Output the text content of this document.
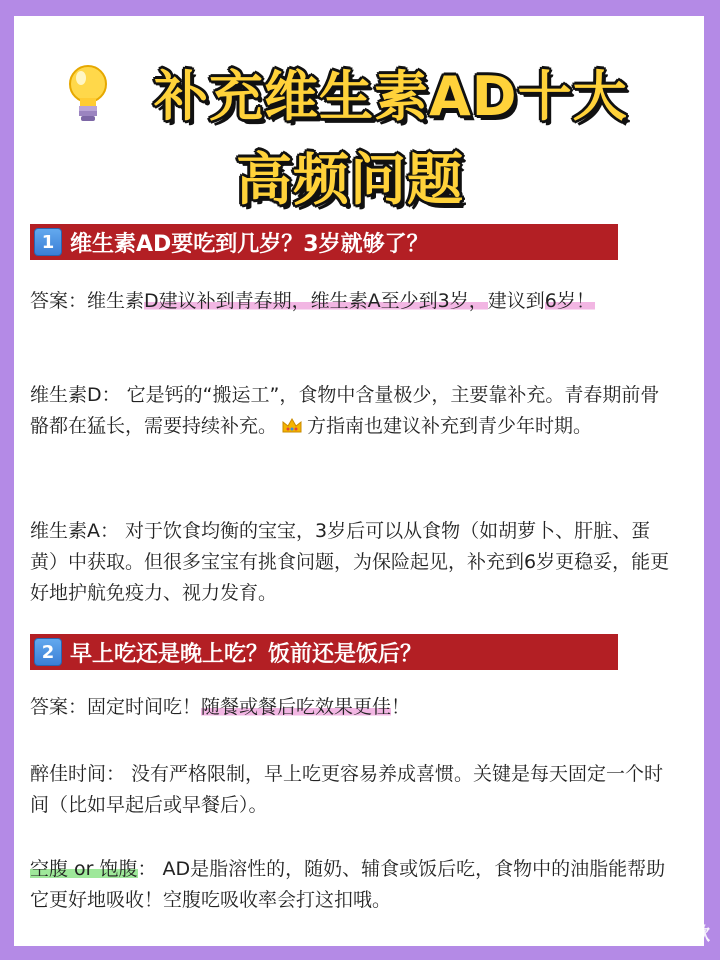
补充维生素AD十大
高频问题
1 维生素AD要吃到几岁？3岁就够了？
答案：维生素D建议补到青春期，维生素A至少到3岁，建议到6岁！
维生素D： 它是钙的“搬运工”，食物中含量极少，主要靠补充。青春期前骨骼都在猛长，需要持续补充。 方指南也建议补充到青少年时期。
维生素A： 对于饮食均衡的宝宝，3岁后可以从食物（如胡萝卜、肝脏、蛋黄）中获取。但很多宝宝有挑食问题，为保险起见，补充到6岁更稳妥，能更好地护航免疫力、视力发育。
2 早上吃还是晚上吃？饭前还是饭后？
答案：固定时间吃！随餐或餐后吃效果更佳！
醉佳时间： 没有严格限制，早上吃更容易养成喜惯。关键是每天固定一个时间（比如早起后或早餐后）。
空腹 or 饱腹： AD是脂溶性的，随奶、辅食或饭后吃，食物中的油脂能帮助它更好地吸收！空腹吃吸收率会打这扣哦。
一只小歆歆
